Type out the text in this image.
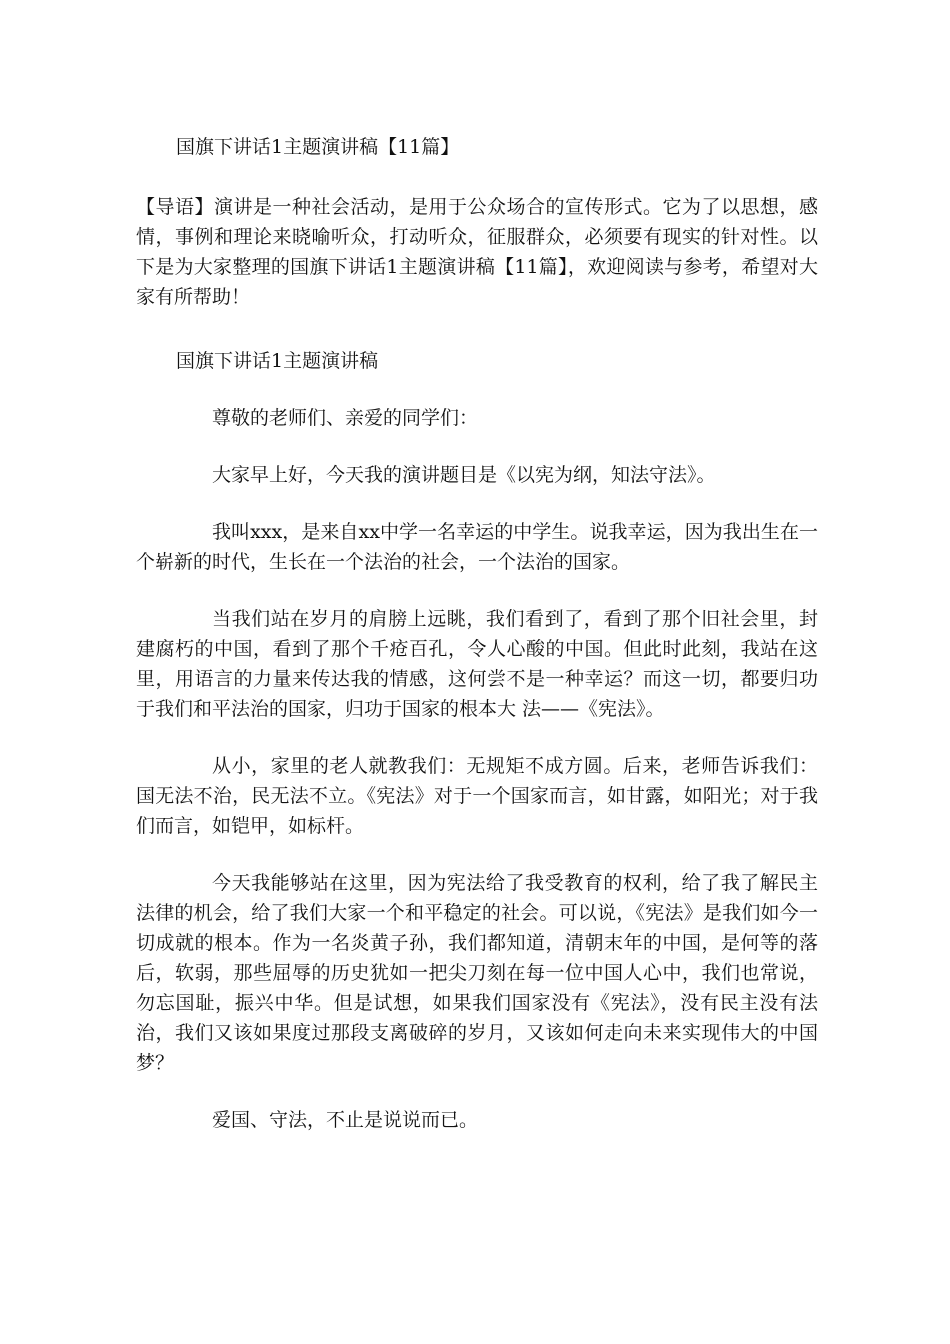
国旗下讲话1主题演讲稿【11篇】

【导语】演讲是一种社会活动，是用于公众场合的宣传形式。它为了以思想，感情，事例和理论来晓喻听众，打动听众，征服群众，必须要有现实的针对性。以下是为大家整理的国旗下讲话1主题演讲稿【11篇】，欢迎阅读与参考，希望对大家有所帮助！

国旗下讲话1主题演讲稿

尊敬的老师们、亲爱的同学们：

大家早上好，今天我的演讲题目是《以宪为纲，知法守法》。

我叫xxx，是来自xx中学一名幸运的中学生。说我幸运，因为我出生在一个崭新的时代，生长在一个法治的社会，一个法治的国家。

当我们站在岁月的肩膀上远眺，我们看到了，看到了那个旧社会里，封建腐朽的中国，看到了那个千疮百孔，令人心酸的中国。但此时此刻，我站在这里，用语言的力量来传达我的情感，这何尝不是一种幸运？而这一切，都要归功于我们和平法治的国家，归功于国家的根本大 法——《宪法》。

从小，家里的老人就教我们：无规矩不成方圆。后来，老师告诉我们：国无法不治，民无法不立。《宪法》对于一个国家而言，如甘露，如阳光；对于我们而言，如铠甲，如标杆。

今天我能够站在这里，因为宪法给了我受教育的权利，给了我了解民主法律的机会，给了我们大家一个和平稳定的社会。可以说，《宪法》是我们如今一切成就的根本。作为一名炎黄子孙，我们都知道，清朝末年的中国，是何等的落后，软弱，那些屈辱的历史犹如一把尖刀刻在每一位中国人心中，我们也常说，勿忘国耻，振兴中华。但是试想，如果我们国家没有《宪法》，没有民主没有法治，我们又该如果度过那段支离破碎的岁月，又该如何走向未来实现伟大的中国梦？

爱国、守法，不止是说说而已。
